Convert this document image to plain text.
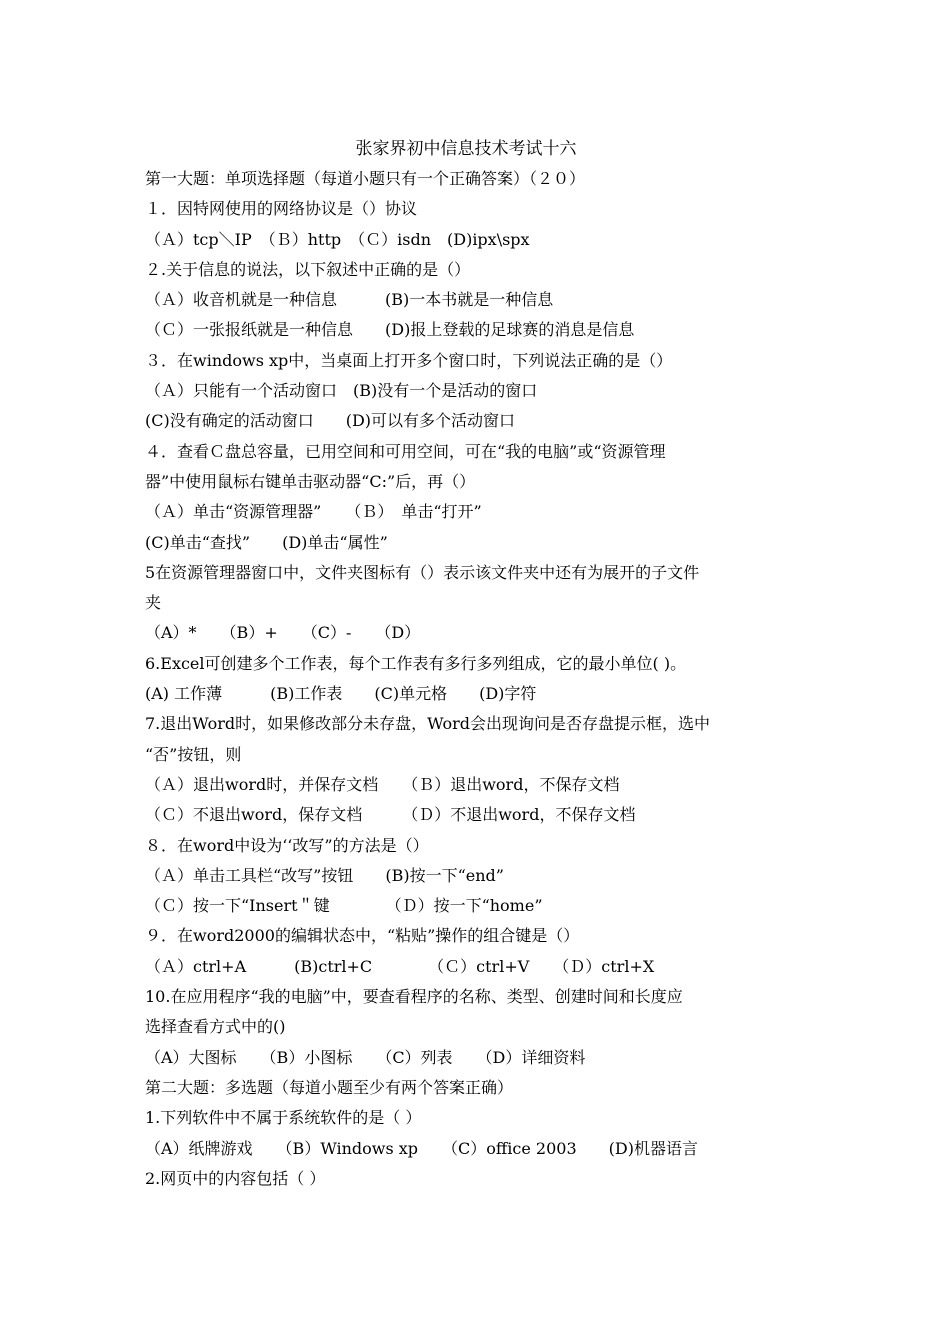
张家界初中信息技术考试十六
第一大题：单项选择题（每道小题只有一个正确答案）（２０）
１．因特网使用的网络协议是（）协议
（Ａ）tcp＼IP　（Ｂ）http　（Ｃ）isdn　(D)ipx\spx
２.关于信息的说法，以下叙述中正确的是（）
（Ａ）收音机就是一种信息　　　(B)一本书就是一种信息
（Ｃ）一张报纸就是一种信息　　(D)报上登载的足球赛的消息是信息
３．在windows xp中，当桌面上打开多个窗口时，下列说法正确的是（）
（Ａ）只能有一个活动窗口　(B)没有一个是活动的窗口
(C)没有确定的活动窗口　　(D)可以有多个活动窗口
４．查看Ｃ盘总容量，已用空间和可用空间，可在“我的电脑”或“资源管理
器”中使用鼠标右键单击驱动器“C:”后，再（）
（Ａ）单击“资源管理器”　　（Ｂ）　单击“打开”
(C)单击“查找”　　(D)单击“属性”
5在资源管理器窗口中，文件夹图标有（）表示该文件夹中还有为展开的子文件
夹
（A）*　　（B）+　　（C）-　　（D）
6.Excel可创建多个工作表，每个工作表有多行多列组成，它的最小单位( )。
(A) 工作薄　　　(B)工作表　　(C)单元格　　(D)字符
7.退出Word时，如果修改部分未存盘，Word会出现询问是否存盘提示框，选中
“否”按钮，则
（Ａ）退出word时，并保存文档　　（Ｂ）退出word，不保存文档
（Ｃ）不退出word，保存文档　　　（Ｄ）不退出word，不保存文档
８．在word中设为‘‘改写”的方法是（）
（Ａ）单击工具栏“改写”按钮　　(B)按一下“end”
（Ｃ）按一下“Insert＂键　　　　（Ｄ）按一下“home”
９．在word2000的编辑状态中，“粘贴”操作的组合键是（）
（Ａ）ctrl+A　　　(B)ctrl+C　　　　（Ｃ）ctrl+V　　（Ｄ）ctrl+X
10.在应用程序“我的电脑”中，要查看程序的名称、类型、创建时间和长度应
选择查看方式中的()
（A）大图标　　（B）小图标　　（C）列表　　（D）详细资料
第二大题：多选题（每道小题至少有两个答案正确）
1.下列软件中不属于系统软件的是（ ）
（A）纸牌游戏　　（B）Windows xp　　（C）office 2003　　(D)机器语言
2.网页中的内容包括（ ）
